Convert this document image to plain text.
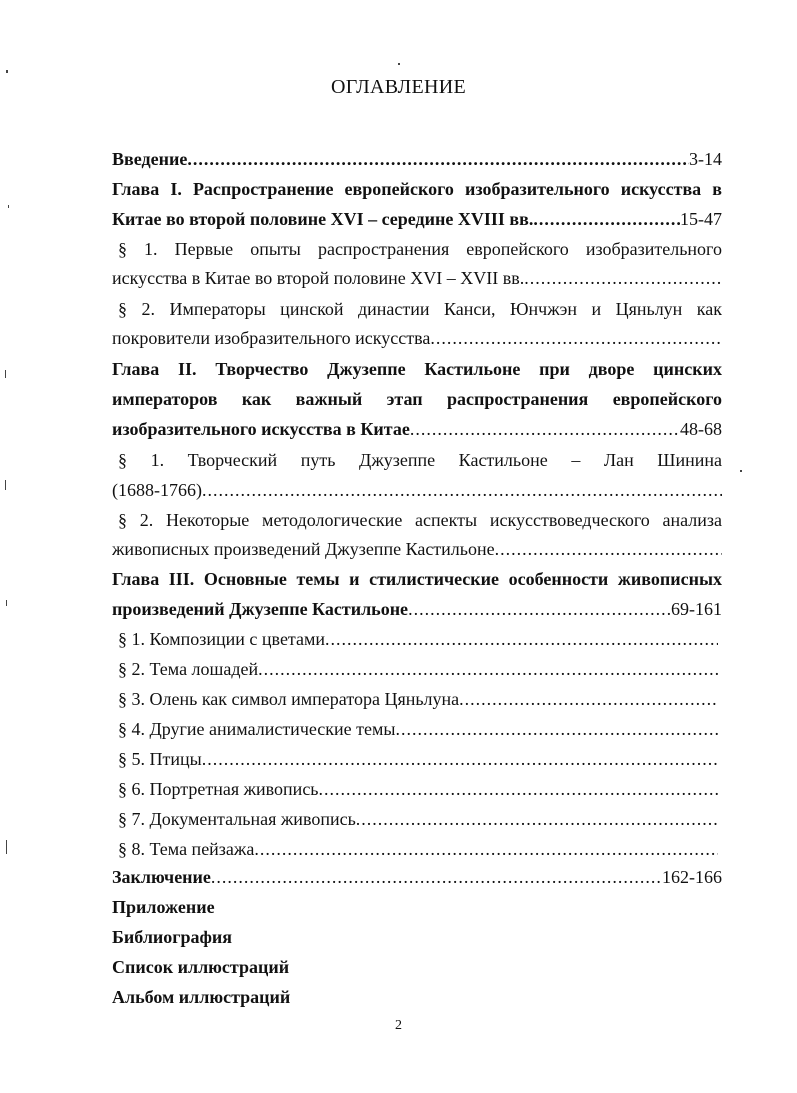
ОГЛАВЛЕНИЕ
Введение .....	3-14
Глава I. Распространение европейского изобразительного искусства в
Китае во второй половине XVI – середине XVIII вв. .....	15-47
§ 1. Первые опыты распространения европейского изобразительного
искусства в Китае во второй половине XVI – XVII вв.
.....
§ 2. Императоры цинской династии Канси, Юнчжэн и Цяньлун как
покровители изобразительного искусства
.....
Глава II. Творчество Джузеппе Кастильоне при дворе цинских
императоров как важный этап распространения европейского
изобразительного искусства в Китае .....	48-68
§ 1. Творческий путь Джузеппе Кастильоне – Лан Шинина
(1688-1766)
.....
§ 2. Некоторые методологические аспекты искусствоведческого анализа
живописных произведений Джузеппе Кастильоне
.....
Глава III. Основные темы и стилистические особенности живописных
произведений Джузеппе Кастильоне .....	69-161
§ 1. Композиции с цветами
.....
§ 2. Тема лошадей
.....
§ 3. Олень как символ императора Цяньлуна
.....
§ 4. Другие анималистические темы
.....
§ 5. Птицы
.....
§ 6. Портретная живопись
.....
§ 7. Документальная живопись
.....
§ 8. Тема пейзажа
.....
Заключение .....	162-166
Приложение
Библиография
Список иллюстраций
Альбом иллюстраций
2
